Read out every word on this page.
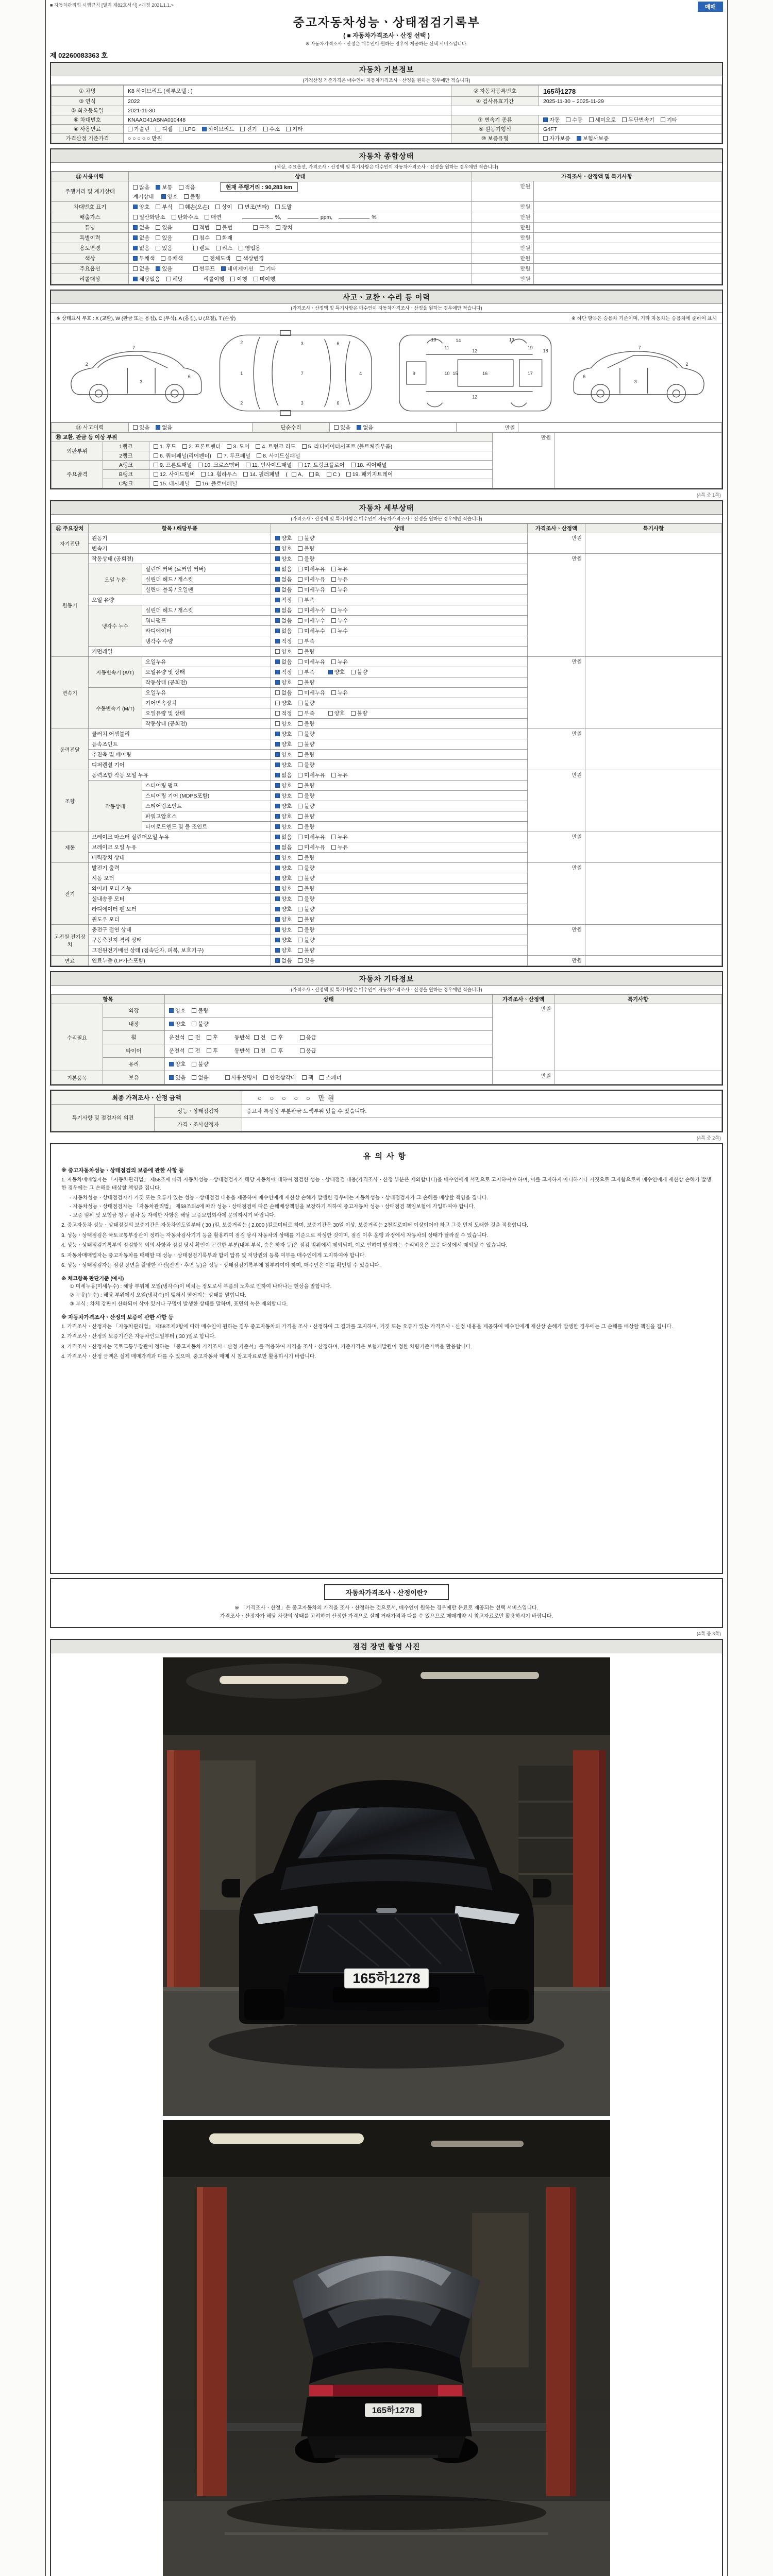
■ 자동차관리법 시행규칙 [별지 제82호서식] <개정 2021.1.1.>	매매
중고자동차성능ㆍ상태점검기록부
( ■ 자동차가격조사ㆍ산정 선택 )
※ 자동차가격조사ㆍ산정은 매수인이 원하는 경우에 제공하는 선택 서비스입니다.
제 02260083363 호
자동차 기본정보
(가격산정 기준가격은 매수인이 자동차가격조사ㆍ산정을 원하는 경우에만 적습니다)
① 차명	K8 하이브리드 (세부모델 : )	② 자동차등록번호	165하1278
③ 연식	2022	④ 검사유효기간	2025-11-30 ~ 2025-11-29
⑤ 최초등록일	2021-11-30		
⑥ 차대번호	KNAAG41ABNA010448	⑦ 변속기 종류	자동 수동 세미오토 무단변속기 기타
⑧ 사용연료	가솔린 디젤 LPG 하이브리드 전기 수소 기타	⑨ 원동기형식	G4FT
가격산정 기준가격	○ ○ ○ ○ ○ 만원	⑩ 보증유형	자가보증 보험사보증
자동차 종합상태
(색상, 주요옵션, 가격조사ㆍ산정액 및 특기사항은 매수인이 자동차가격조사ㆍ산정을 원하는 경우에만 적습니다)
⑪ 사용이력	상태	가격조사ㆍ산정액 및 특기사항	
주행거리 및 계기상태	많음 보통 적음 현재 주행거리 : 90,283 km
계기상태 양호 불량	만원	
차대번호 표기	양호 부식 훼손(오손) 상이 변조(변타) 도말	만원	
배출가스	일산화탄소 탄화수소 매연 %, ppm, %	만원	
튜닝	없음 있음 적법 불법 구조 장치	만원	
특별이력	없음 있음 침수 화재	만원	
용도변경	없음 있음 렌트 리스 영업용	만원	
색상	무채색 유채색 전체도색 색상변경	만원	
주요옵션	없음 있음 썬루프 네비게이션 기타	만원	
리콜대상	해당없음 해당 리콜이행 이행 미이행	만원	
사고ㆍ교환ㆍ수리 등 이력
(가격조사ㆍ산정액 및 특기사항은 매수인이 자동차가격조사ㆍ산정을 원하는 경우에만 적습니다)
※ 상태표시 부호 : X (교환), W (판금 또는 용접), C (부식), A (흠집), U (요철), T (손상)	※ 하단 항목은 승용차 기준이며, 기타 자동차는 승용차에 준하여 표시
2
3
6
7
1
2
2
3
3
7
6
6
4	9	10
11
12
12
13	13
14
15	16	17
18
19
2
3
6
7
⑭ 사고이력	있음 없음	단순수리	있음 없음	만원	
⑮ 교환, 판금 등 이상 부위			만원	
외판부위	1랭크	1. 후드 2. 프론트펜더 3. 도어 4. 트렁크 리드 5. 라디에이터서포트 (볼트체결부품)		
	2랭크	6. 쿼터패널(리어펜더) 7. 루프패널 8. 사이드실패널		
주요골격	A랭크	9. 프론트패널 10. 크로스멤버 11. 인사이드패널 17. 트렁크플로어 18. 리어패널		
	B랭크	12. 사이드멤버 13. 휠하우스 14. 필러패널 ( A, B, C ) 19. 패키지트레이		
	C랭크	15. 대시패널 16. 플로어패널		
(4쪽 중 1쪽)
자동차 세부상태
(가격조사ㆍ산정액 및 특기사항은 매수인이 자동차가격조사ㆍ산정을 원하는 경우에만 적습니다)
⑯ 주요장치	항목 / 해당부품		상태	가격조사ㆍ산정액	특기사항
자기진단	원동기		양호 불량	만원	
	변속기		양호 불량		
원동기	작동상태 (공회전)		양호 불량	만원	
	오일 누유	실린더 커버 (로커암 커버)	없음 미세누유 누유		
		실린더 헤드 / 개스킷	없음 미세누유 누유		
		실린더 블록 / 오일팬	없음 미세누유 누유		
	오일 유량		적정 부족		
	냉각수 누수	실린더 헤드 / 개스킷	없음 미세누수 누수		
		워터펌프	없음 미세누수 누수		
		라디에이터	없음 미세누수 누수		
		냉각수 수량	적정 부족		
	커먼레일		양호 불량		
변속기	자동변속기 (A/T)	오일누유	없음 미세누유 누유	만원	
		오일유량 및 상태	적정 부족 양호 불량		
		작동상태 (공회전)	양호 불량		
	수동변속기 (M/T)	오일누유	없음 미세누유 누유		
		기어변속장치	양호 불량		
		오일유량 및 상태	적정 부족 양호 불량		
		작동상태 (공회전)	양호 불량		
동력전달	클러치 어셈블리		양호 불량	만원	
	등속조인트		양호 불량		
	추진축 및 베어링		양호 불량		
	디퍼렌셜 기어		양호 불량		
조향	동력조향 작동 오일 누유		없음 미세누유 누유	만원	
	작동상태	스티어링 펌프	양호 불량		
		스티어링 기어 (MDPS포함)	양호 불량		
		스티어링조인트	양호 불량		
		파워고압호스	양호 불량		
		타이로드엔드 및 볼 조인트	양호 불량		
제동	브레이크 마스터 실린더오일 누유		없음 미세누유 누유	만원	
	브레이크 오일 누유		없음 미세누유 누유		
	배력장치 상태		양호 불량		
전기	발전기 출력		양호 불량	만원	
	시동 모터		양호 불량		
	와이퍼 모터 기능		양호 불량		
	실내송풍 모터		양호 불량		
	라디에이터 팬 모터		양호 불량		
	윈도우 모터		양호 불량		
고전원 전기장치	충전구 절연 상태		양호 불량	만원	
	구동축전지 격리 상태		양호 불량		
	고전원전기배선 상태 (접속단자, 피복, 보호기구)		양호 불량		
연료	연료누출 (LP가스포함)		없음 있음	만원	
자동차 기타정보
(가격조사ㆍ산정액 및 특기사항은 매수인이 자동차가격조사ㆍ산정을 원하는 경우에만 적습니다)
항목		상태	가격조사ㆍ산정액	특기사항
수리필요	외장	양호 불량	만원	
	내장	양호 불량		
	휠	운전석 전 후 동반석 전 후 응급		
	타이어	운전석 전 후 동반석 전 후 응급		
	유리	양호 불량		
기본품목	보유	있음 없음 사용설명서 안전삼각대 잭 스패너	만원	
최종 가격조사ㆍ산정 금액		○ ○ ○ ○ ○ 만원
특기사항 및 점검자의 의견	성능ㆍ상태점검자	중고차 특성상 부분판금 도색부위 있을 수 있습니다.
	가격ㆍ조사산정자	
(4쪽 중 2쪽)
유의사항
※ 중고자동차성능ㆍ상태점검의 보증에 관한 사항 등
1. 자동차매매업자는 「자동차관리법」 제58조에 따라 자동차성능ㆍ상태점검자가 해당 자동차에 대하여 점검한 성능ㆍ상태점검 내용(가격조사ㆍ산정 부분은 제외합니다)을 매수인에게 서면으로 고지하여야 하며, 이를 고지하지 아니하거나 거짓으로 고지함으로써 매수인에게 재산상 손해가 발생한 경우에는 그 손해를 배상할 책임을 집니다.
- 자동차성능ㆍ상태점검자가 거짓 또는 오류가 있는 성능ㆍ상태점검 내용을 제공하여 매수인에게 재산상 손해가 발생한 경우에는 자동차성능ㆍ상태점검자가 그 손해를 배상할 책임을 집니다.
- 자동차성능ㆍ상태점검자는 「자동차관리법」 제58조의4에 따라 성능ㆍ상태점검에 따른 손해배상책임을 보장하기 위하여 중고자동차 성능ㆍ상태점검 책임보험에 가입하여야 합니다.
- 보증 범위 및 보험금 청구 절차 등 자세한 사항은 해당 보증보험회사에 문의하시기 바랍니다.
2. 중고자동차 성능ㆍ상태점검의 보증기간은 자동차인도일부터 ( 30 )일, 보증거리는 ( 2,000 )킬로미터로 하며, 보증기간은 30일 이상, 보증거리는 2천킬로미터 이상이어야 하고 그중 먼저 도래한 것을 적용합니다.
3. 성능ㆍ상태점검은 국토교통부장관이 정하는 자동차검사기기 등을 활용하여 점검 당시 자동차의 상태를 기준으로 작성한 것이며, 점검 이후 운행 과정에서 자동차의 상태가 달라질 수 있습니다.
4. 성능ㆍ상태점검기록부의 점검항목 외의 사항과 점검 당시 확인이 곤란한 부분(내부 부식, 숨은 하자 등)은 점검 범위에서 제외되며, 이로 인하여 발생하는 수리비용은 보증 대상에서 제외될 수 있습니다.
5. 자동차매매업자는 중고자동차를 매매할 때 성능ㆍ상태점검기록부와 함께 압류 및 저당권의 등록 여부를 매수인에게 고지하여야 합니다.
6. 성능ㆍ상태점검자는 점검 장면을 촬영한 사진(전면ㆍ후면 등)을 성능ㆍ상태점검기록부에 첨부하여야 하며, 매수인은 이를 확인할 수 있습니다.
※ 체크항목 판단기준 (예시)
① 미세누유(미세누수) : 해당 부위에 오일(냉각수)이 비치는 정도로서 부품의 노후로 인하여 나타나는 현상을 말합니다.
② 누유(누수) : 해당 부위에서 오일(냉각수)이 맺혀서 떨어지는 상태를 말합니다.
③ 부식 : 차체 강판이 산화되어 삭아 있거나 구멍이 발생한 상태를 말하며, 표면의 녹은 제외합니다.
※ 자동차가격조사ㆍ산정의 보증에 관한 사항 등
1. 가격조사ㆍ산정자는 「자동차관리법」 제58조제2항에 따라 매수인이 원하는 경우 중고자동차의 가격을 조사ㆍ산정하여 그 결과를 고지하며, 거짓 또는 오류가 있는 가격조사ㆍ산정 내용을 제공하여 매수인에게 재산상 손해가 발생한 경우에는 그 손해를 배상할 책임을 집니다.
2. 가격조사ㆍ산정의 보증기간은 자동차인도일부터 ( 30 )일로 합니다.
3. 가격조사ㆍ산정자는 국토교통부장관이 정하는 「중고자동차 가격조사ㆍ산정 기준서」를 적용하여 가격을 조사ㆍ산정하며, 기준가격은 보험개발원이 정한 차량기준가액을 활용합니다.
4. 가격조사ㆍ산정 금액은 실제 매매가격과 다를 수 있으며, 중고자동차 매매 시 참고자료로만 활용하시기 바랍니다.
자동차가격조사ㆍ산정이란?
※ 「가격조사ㆍ산정」은 중고자동차의 가격을 조사ㆍ산정하는 것으로서, 매수인이 원하는 경우에만 유료로 제공되는 선택 서비스입니다.
가격조사ㆍ산정자가 해당 차량의 상태를 고려하여 산정한 가격으로 실제 거래가격과 다를 수 있으므로 매매계약 시 참고자료로만 활용하시기 바랍니다.
(4쪽 중 3쪽)
점검 장면 촬영 사진
165하1278
165하1278
